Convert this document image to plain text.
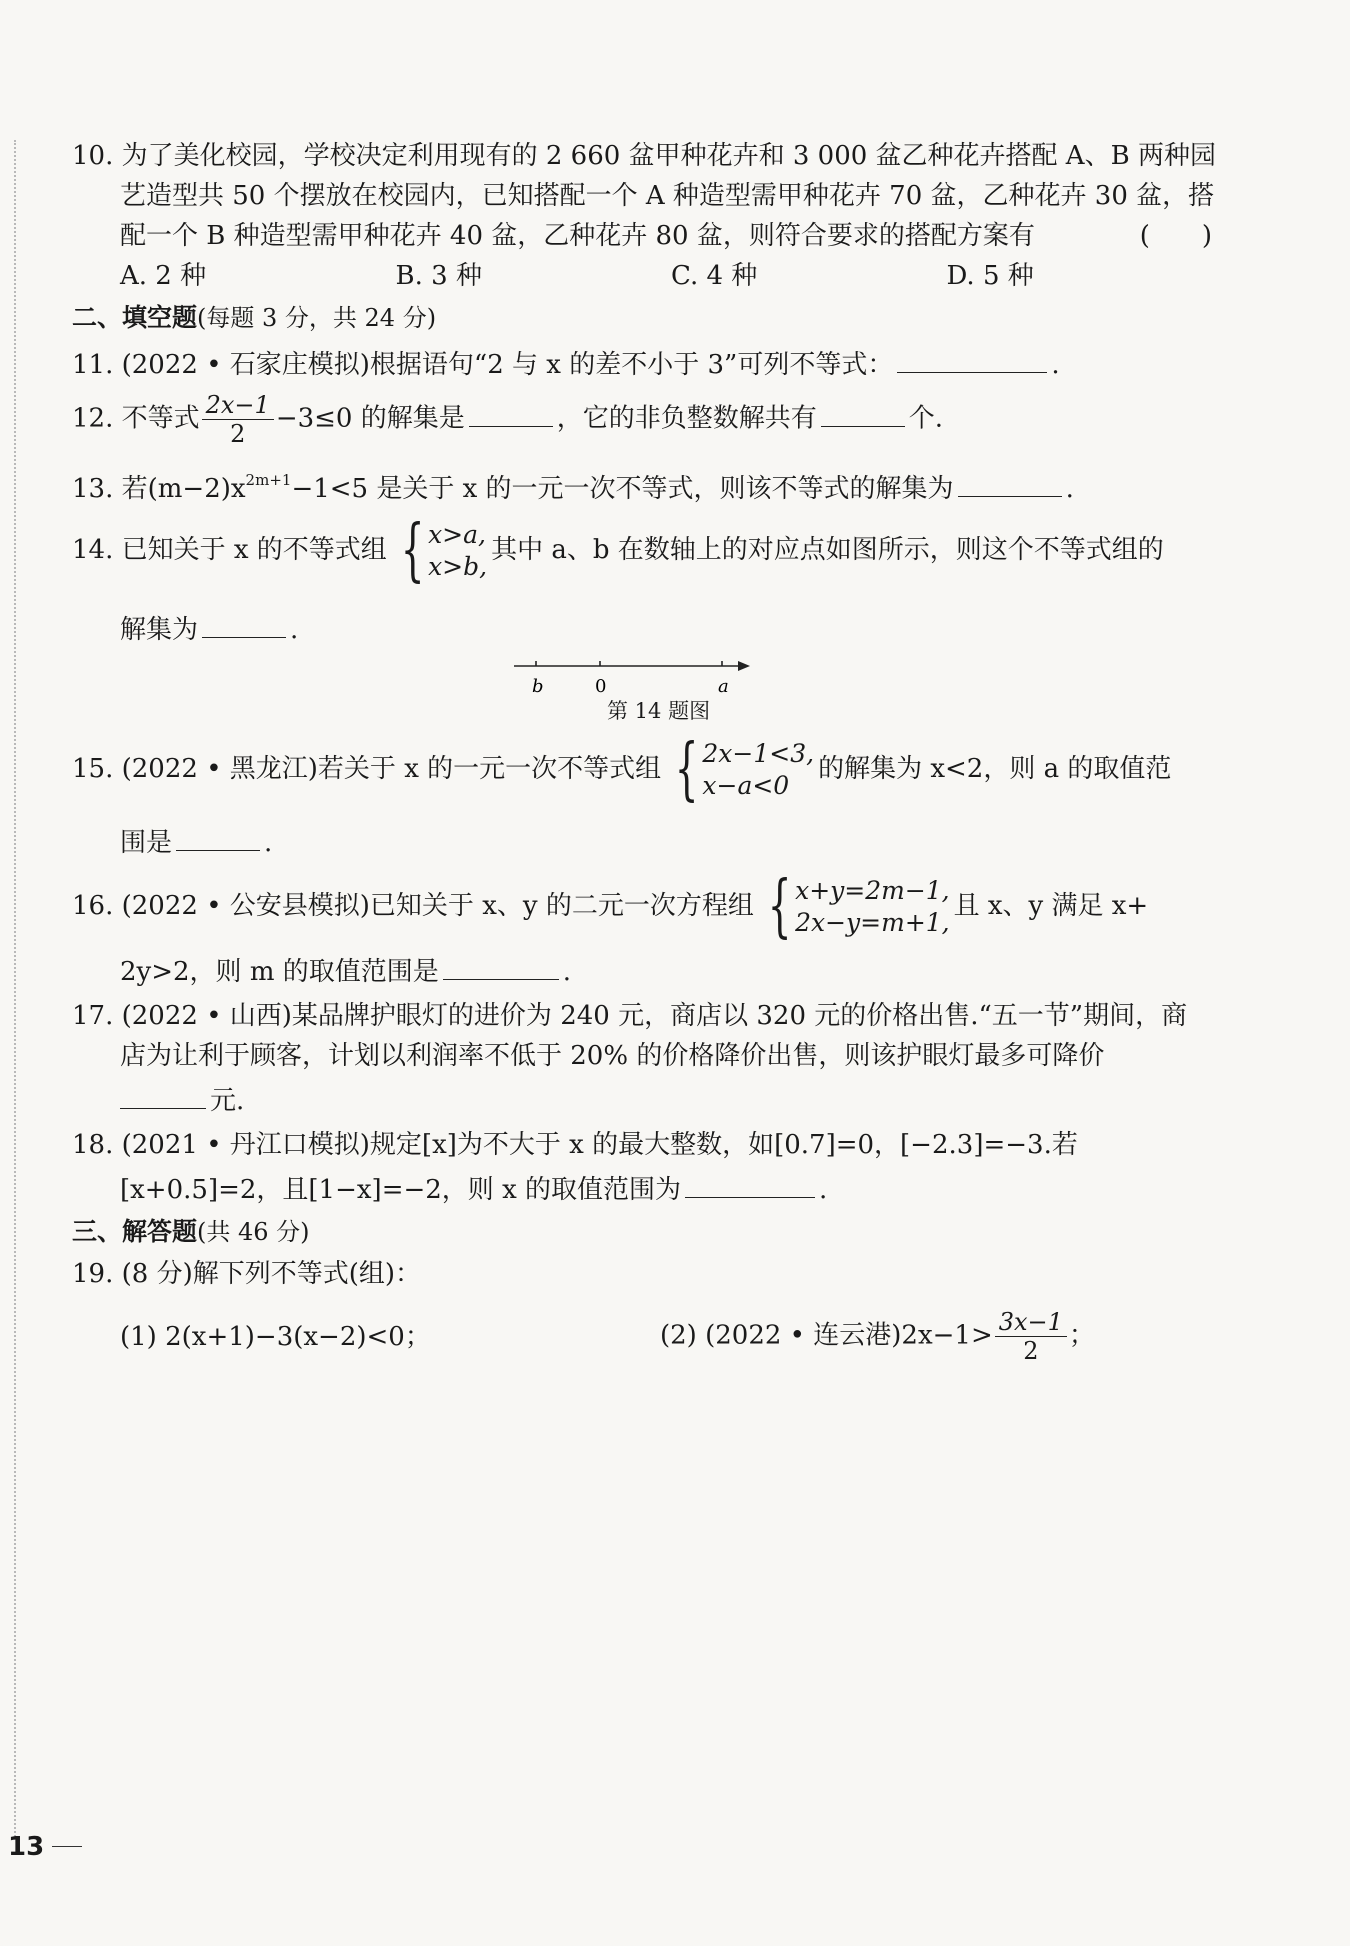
10. 为了美化校园，学校决定利用现有的 2 660 盆甲种花卉和 3 000 盆乙种花卉搭配 A、B 两种园
艺造型共 50 个摆放在校园内，已知搭配一个 A 种造型需甲种花卉 70 盆，乙种花卉 30 盆，搭
配一个 B 种造型需甲种花卉 40 盆，乙种花卉 80 盆，则符合要求的搭配方案有	(　　)
A. 2 种	B. 3 种	C. 4 种	D. 5 种
二、填空题(每题 3 分，共 24 分)
11. (2022 • 石家庄模拟)根据语句“2 与 x 的差不小于 3”可列不等式：	.
12. 不等式 $\frac{2x-1}{2} -3\le 0$ 的解集是	，它的非负整数解共有	个.
13. 若$(m-2)x^{2m+1}-1<5$ 是关于 x 的一元一次不等式，则该不等式的解集为	.
14. 已知关于 x 的不等式组 { x>a,
x>b,
其中 a、b 在数轴上的对应点如图所示，则这个不等式组的
解集为	.
b	0	a
第 14 题图
15. (2022 • 黑龙江)若关于 x 的一元一次不等式组 { 2x−1<3,
x−a<0
的解集为 x<2，则 a 的取值范
围是	.
16. (2022 • 公安县模拟)已知关于 x、y 的二元一次方程组 { x+y=2m−1,
2x−y=m+1,
且 x、y 满足 x+
2y>2，则 m 的取值范围是	.
17. (2022 • 山西)某品牌护眼灯的进价为 240 元，商店以 320 元的价格出售.“五一节”期间，商
店为让利于顾客，计划以利润率不低于 20% 的价格降价出售，则该护眼灯最多可降价
元.
18. (2021 • 丹江口模拟)规定[x]为不大于 x 的最大整数，如[0.7]=0，[−2.3]=−3.若
[x+0.5]=2，且[1−x]=−2，则 x 的取值范围为	.
三、解答题(共 46 分)
19. (8 分)解下列不等式(组)：
(1) 2(x+1)−3(x−2)<0；	(2) (2022 • 连云港)$2x-1> \frac{3x-1}{2}$ ；
13
